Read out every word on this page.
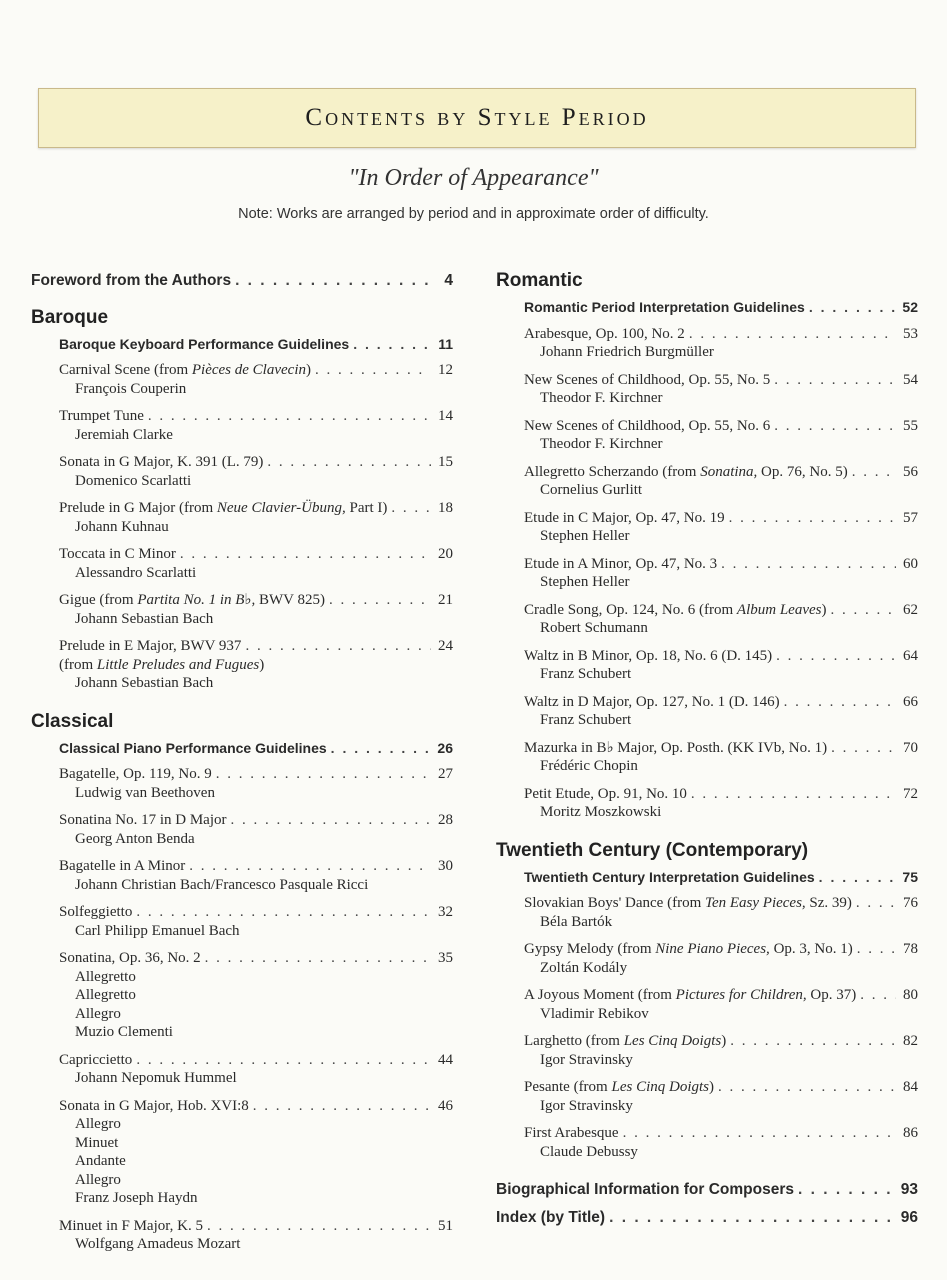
Contents by Style Period
"In Order of Appearance"
Note: Works are arranged by period and in approximate order of difficulty.
Foreword from the Authors . . .	4
Baroque
Baroque Keyboard Performance Guidelines . . .	11
Carnival Scene (from Pièces de Clavecin) . . .	12
François Couperin
Trumpet Tune . . .	14
Jeremiah Clarke
Sonata in G Major, K. 391 (L. 79) . . .	15
Domenico Scarlatti
Prelude in G Major (from Neue Clavier-Übung, Part I) . . .	18
Johann Kuhnau
Toccata in C Minor . . .	20
Alessandro Scarlatti
Gigue (from Partita No. 1 in B♭, BWV 825) . . .	21
Johann Sebastian Bach
Prelude in E Major, BWV 937 . . .	24
(from Little Preludes and Fugues)
Johann Sebastian Bach
Classical
Classical Piano Performance Guidelines . . .	26
Bagatelle, Op. 119, No. 9 . . .	27
Ludwig van Beethoven
Sonatina No. 17 in D Major . . .	28
Georg Anton Benda
Bagatelle in A Minor . . .	30
Johann Christian Bach/Francesco Pasquale Ricci
Solfeggietto . . .	32
Carl Philipp Emanuel Bach
Sonatina, Op. 36, No. 2 . . .	35
Allegretto
Allegretto
Allegro
Muzio Clementi
Capriccietto . . .	44
Johann Nepomuk Hummel
Sonata in G Major, Hob. XVI:8 . . .	46
Allegro
Minuet
Andante
Allegro
Franz Joseph Haydn
Minuet in F Major, K. 5 . . .	51
Wolfgang Amadeus Mozart
Romantic
Romantic Period Interpretation Guidelines . . .	52
Arabesque, Op. 100, No. 2 . . .	53
Johann Friedrich Burgmüller
New Scenes of Childhood, Op. 55, No. 5 . . .	54
Theodor F. Kirchner
New Scenes of Childhood, Op. 55, No. 6 . . .	55
Theodor F. Kirchner
Allegretto Scherzando (from Sonatina, Op. 76, No. 5) . . .	56
Cornelius Gurlitt
Etude in C Major, Op. 47, No. 19 . . .	57
Stephen Heller
Etude in A Minor, Op. 47, No. 3 . . .	60
Stephen Heller
Cradle Song, Op. 124, No. 6 (from Album Leaves) . . .	62
Robert Schumann
Waltz in B Minor, Op. 18, No. 6 (D. 145) . . .	64
Franz Schubert
Waltz in D Major, Op. 127, No. 1 (D. 146) . . .	66
Franz Schubert
Mazurka in B♭ Major, Op. Posth. (KK IVb, No. 1) . . .	70
Frédéric Chopin
Petit Etude, Op. 91, No. 10 . . .	72
Moritz Moszkowski
Twentieth Century (Contemporary)
Twentieth Century Interpretation Guidelines . . .	75
Slovakian Boys' Dance (from Ten Easy Pieces, Sz. 39) . . .	76
Béla Bartók
Gypsy Melody (from Nine Piano Pieces, Op. 3, No. 1) . . .	78
Zoltán Kodály
A Joyous Moment (from Pictures for Children, Op. 37) . . .	80
Vladimir Rebikov
Larghetto (from Les Cinq Doigts) . . .	82
Igor Stravinsky
Pesante (from Les Cinq Doigts) . . .	84
Igor Stravinsky
First Arabesque . . .	86
Claude Debussy
Biographical Information for Composers . . .	93
Index (by Title) . . .	96
